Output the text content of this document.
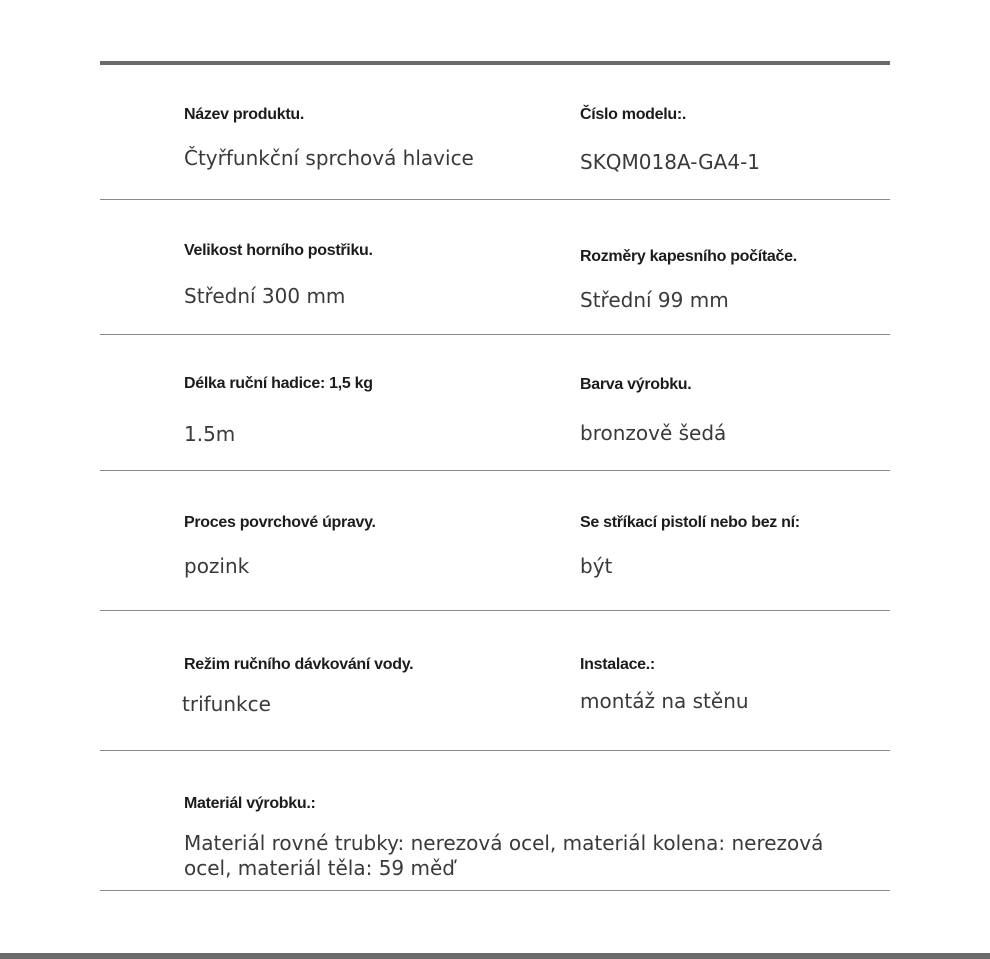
Název produktu.
Čtyřfunkční sprchová hlavice
Číslo modelu:.
SKQM018A-GA4-1
Velikost horního postřiku.
Střední 300 mm
Rozměry kapesního počítače.
Střední 99 mm
Délka ruční hadice: 1,5 kg
1.5m
Barva výrobku.
bronzově šedá
Proces povrchové úpravy.
pozink
Se stříkací pistolí nebo bez ní:
být
Režim ručního dávkování vody.
trifunkce
Instalace.:
montáž na stěnu
Materiál výrobku.:
Materiál rovné trubky: nerezová ocel, materiál kolena: nerezová ocel, materiál těla: 59 měď
